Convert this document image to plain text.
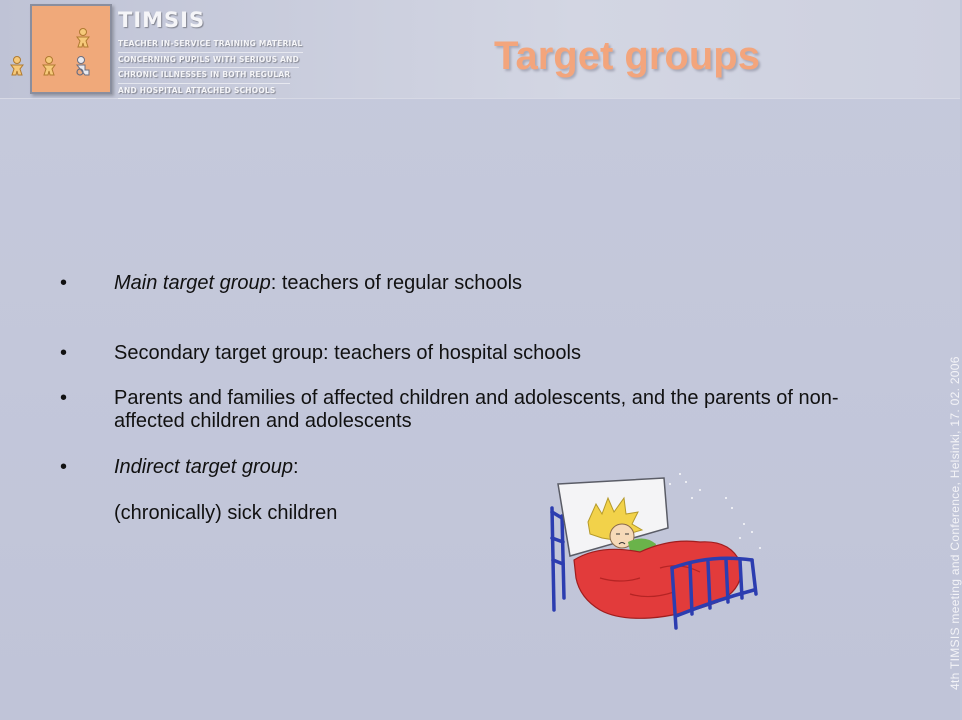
TIMSIS
TEACHER IN-SERVICE TRAINING MATERIAL
CONCERNING PUPILS WITH SERIOUS AND
CHRONIC ILLNESSES IN BOTH REGULAR
AND HOSPITAL ATTACHED SCHOOLS
Target groups
•	Main target group: teachers of regular schools
•	Secondary target group: teachers of hospital schools
•	Parents and families of affected children and adolescents, and the parents of non-affected children and adolescents
•	Indirect target group:
(chronically) sick children	4th TIMSIS meeting and Conference, Helsinki, 17. 02. 2006
